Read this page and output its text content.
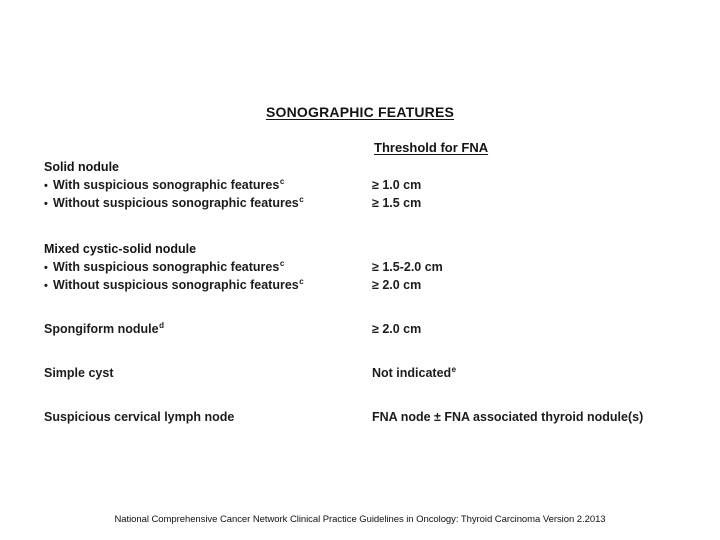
SONOGRAPHIC FEATURES
Threshold for FNA
Solid nodule
• With suspicious sonographic features$^c$	≥ 1.0 cm
• Without suspicious sonographic features$^c$	≥ 1.5 cm
Mixed cystic-solid nodule
• With suspicious sonographic features$^c$	≥ 1.5-2.0 cm
• Without suspicious sonographic features$^c$	≥ 2.0 cm
Spongiform nodule$^d$	≥ 2.0 cm
Simple cyst	Not indicated$^e$
Suspicious cervical lymph node	FNA node ± FNA associated thyroid nodule(s)
National Comprehensive Cancer Network Clinical Practice Guidelines in Oncology: Thyroid Carcinoma Version 2.2013
